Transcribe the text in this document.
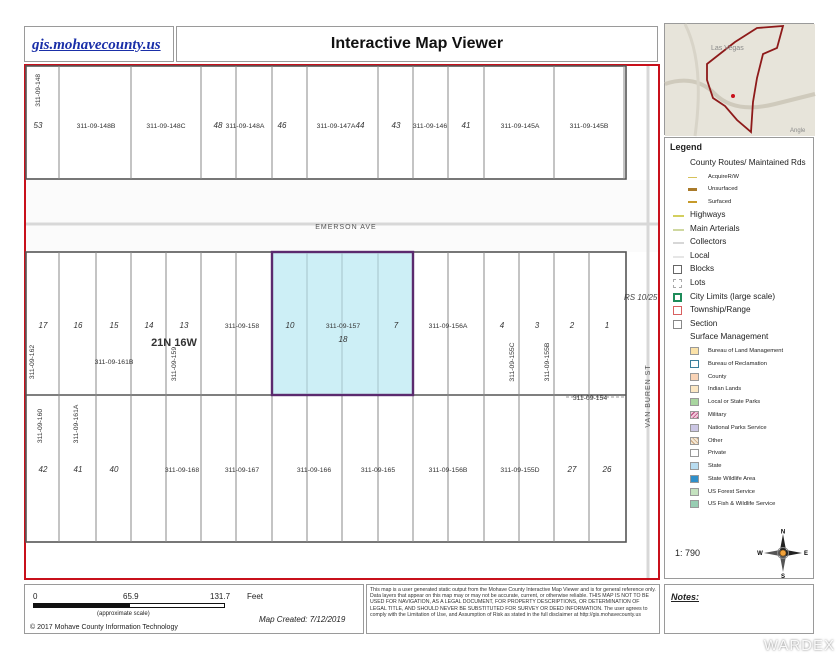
gis.mohavecounty.us	Interactive Map Viewer
311-09-148
53	311-09-148B	311-09-148C	48 311-09-148A 46	311-09-147A 44	43 311-09-146 41	311-09-145A	311-09-145B
EMERSON AVE
VAN BUREN ST
RS 10/25
17	16	15	14	13	10	7	4	3	2	1
18
21N 16W
311-09-162	311-09-161B	311-09-159
311-09-158	311-09-157	311-09-156A
311-09-155C	311-09-155B
311-09-154
42	41	40	27	26
311-09-160	311-09-161A
311-09-168	311-09-167	311-09-166	311-09-165	311-09-156B	311-09-155D
Las Vegas
Angle
Legend
County Routes/ Maintained Rds
AcquireR/W
Unsurfaced
Surfaced
Highways
Main Arterials
Collectors
Local
Blocks
Lots
City Limits (large scale)
Township/Range
Section
Surface Management
Bureau of Land Management
Bureau of Reclamation
County
Indian Lands
Local or State Parks
Military
National Parks Service
Other
Private
State
State Wildlife Area
US Forest Service
US Fish & Wildlife Service
1: 790
N
S
W	E
0	65.9	131.7 Feet
(approximate scale)
© 2017 Mohave County Information Technology
Map Created: 7/12/2019
This map is a user generated static output from the Mohave County Interactive Map Viewer and is for general reference only. Data layers that appear on this map may or may not be accurate, current, or otherwise reliable. THIS MAP IS NOT TO BE USED FOR NAVIGATION, AS A LEGAL DOCUMENT, FOR PROPERTY DESCRIPTIONS, OR DETERMINATION OF LEGAL TITLE, AND SHOULD NEVER BE SUBSTITUTED FOR SURVEY OR DEED INFORMATION. The user agrees to comply with the Limitation of Use, and Assumption of Risk as stated in the full disclaimer at http://gis.mohavecounty.us
Notes:
WARDEX
